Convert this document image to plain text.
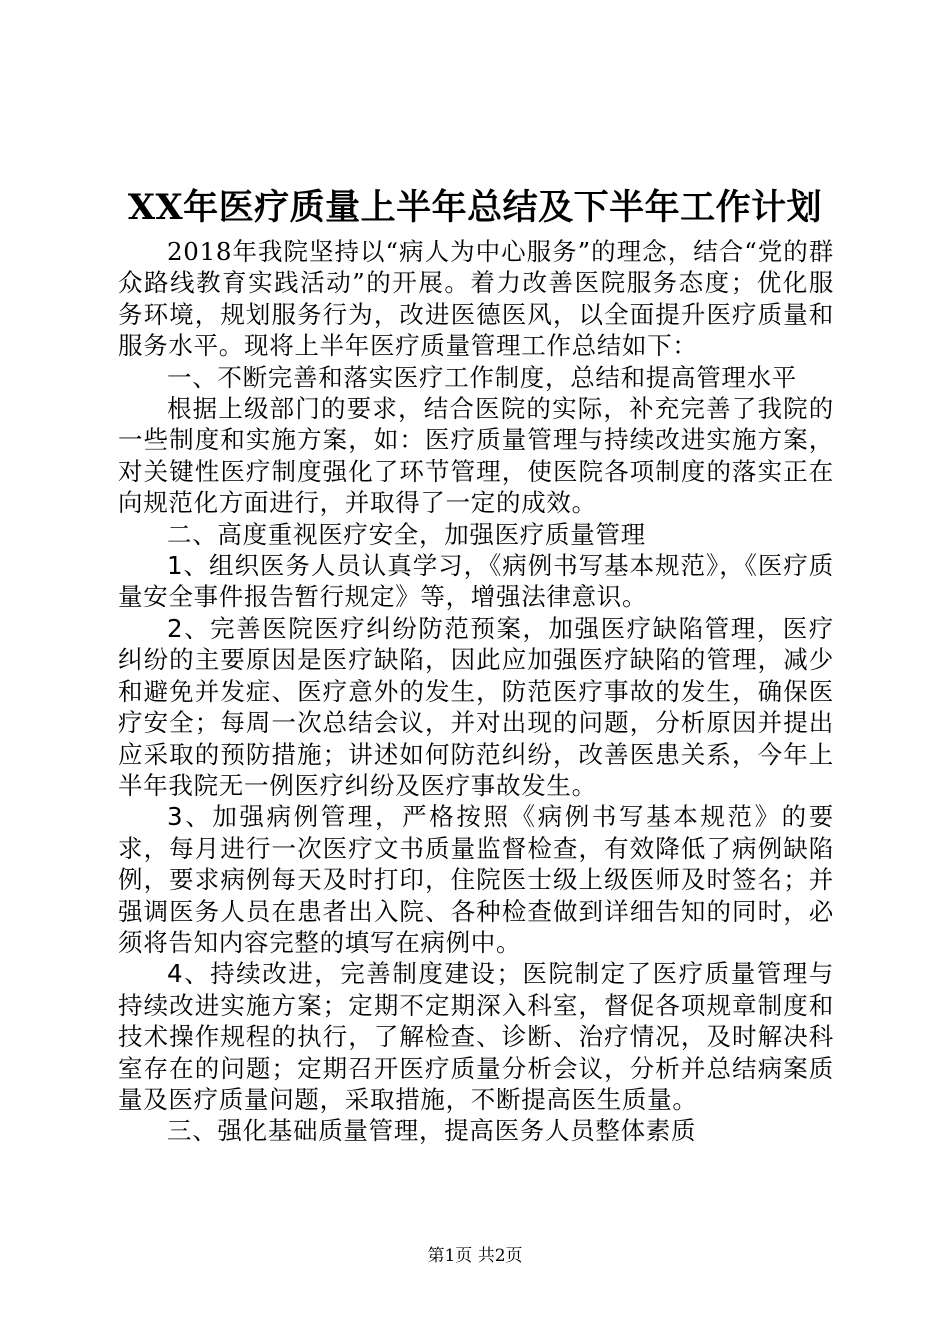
XX年医疗质量上半年总结及下半年工作计划

2018年我院坚持以“病人为中心服务”的理念，结合“党的群众路线教育实践活动”的开展。着力改善医院服务态度；优化服务环境，规划服务行为，改进医德医风，以全面提升医疗质量和服务水平。现将上半年医疗质量管理工作总结如下：

一、不断完善和落实医疗工作制度，总结和提高管理水平

根据上级部门的要求，结合医院的实际，补充完善了我院的一些制度和实施方案，如：医疗质量管理与持续改进实施方案，对关键性医疗制度强化了环节管理，使医院各项制度的落实正在向规范化方面进行，并取得了一定的成效。

二、高度重视医疗安全，加强医疗质量管理

1、组织医务人员认真学习，《病例书写基本规范》，《医疗质量安全事件报告暂行规定》等，增强法律意识。

2、完善医院医疗纠纷防范预案，加强医疗缺陷管理，医疗纠纷的主要原因是医疗缺陷，因此应加强医疗缺陷的管理，减少和避免并发症、医疗意外的发生，防范医疗事故的发生，确保医疗安全；每周一次总结会议，并对出现的问题，分析原因并提出应采取的预防措施；讲述如何防范纠纷，改善医患关系，今年上半年我院无一例医疗纠纷及医疗事故发生。

3、加强病例管理，严格按照《病例书写基本规范》的要求，每月进行一次医疗文书质量监督检查，有效降低了病例缺陷例，要求病例每天及时打印，住院医士级上级医师及时签名；并强调医务人员在患者出入院、各种检查做到详细告知的同时，必须将告知内容完整的填写在病例中。

4、持续改进，完善制度建设；医院制定了医疗质量管理与持续改进实施方案；定期不定期深入科室，督促各项规章制度和技术操作规程的执行，了解检查、诊断、治疗情况，及时解决科室存在的问题；定期召开医疗质量分析会议，分析并总结病案质量及医疗质量问题，采取措施，不断提高医生质量。

三、强化基础质量管理，提高医务人员整体素质

第1页 共2页
